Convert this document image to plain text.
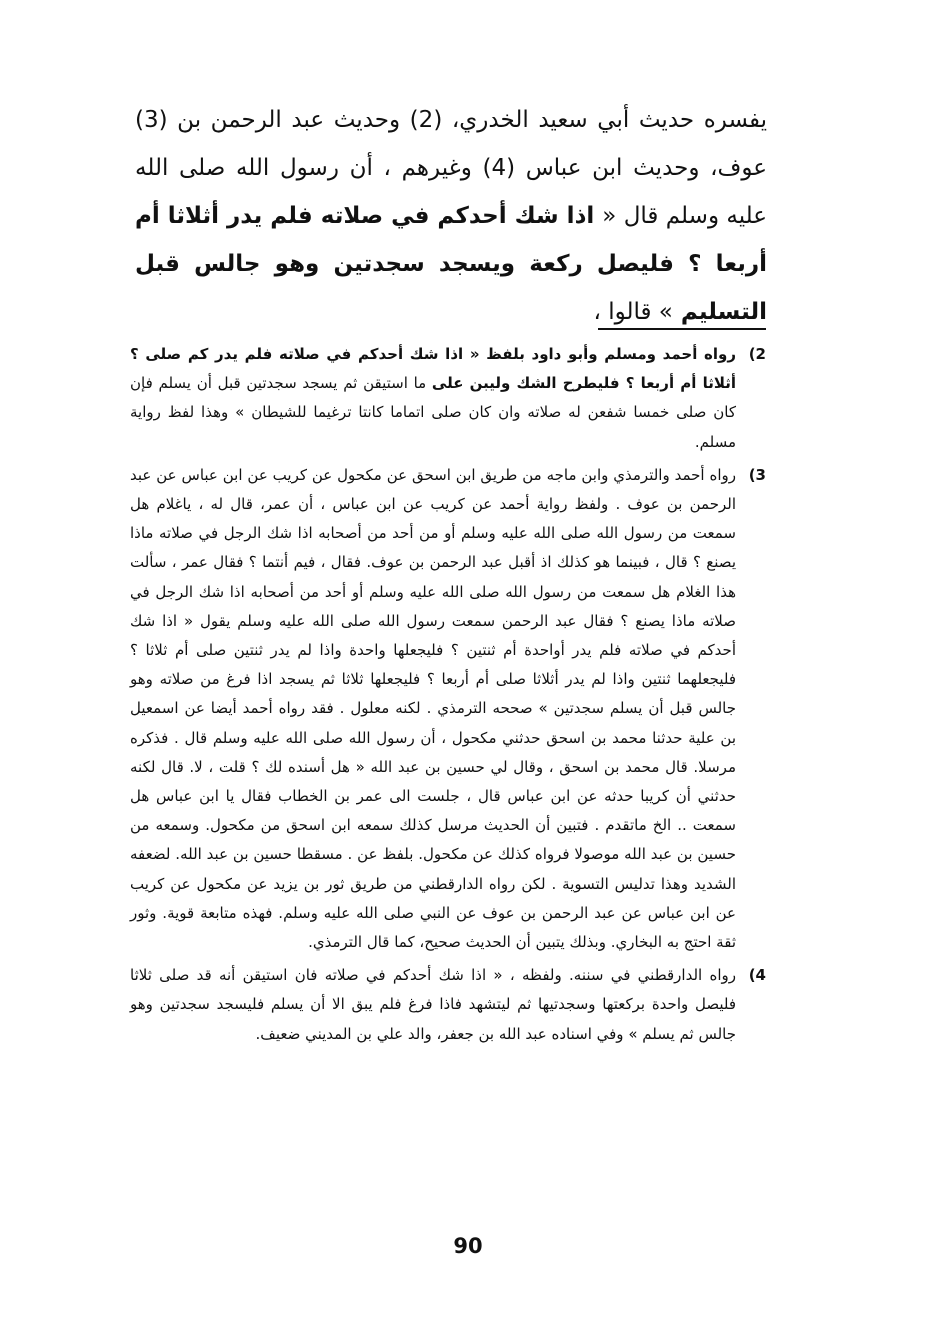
يفسره حديث أبي سعيد الخدري، (2) وحديث عبد الرحمن بن (3) عوف، وحديث ابن عباس (4) وغيرهم ، أن رسول الله صلى الله عليه وسلم قال « اذا شك أحدكم في صلاته فلم يدر أثلاثا أم أربعا ؟ فليصل ركعة ويسجد سجدتين وهو جالس قبل التسليم » قالوا ،

(2
رواه أحمد ومسلم وأبو داود بلفظ « اذا شك أحدكم في صلاته فلم يدر كم صلى ؟ أثلاثا أم أربعا ؟ فليطرح الشك وليبن على ما استيقن ثم يسجد سجدتين قبل أن يسلم فإن كان صلى خمسا شفعن له صلاته وان كان صلى اتماما كانتا ترغيما للشيطان » وهذا لفظ رواية مسلم.
(3
رواه أحمد والترمذي وابن ماجه من طريق ابن اسحق عن مكحول عن كريب عن ابن عباس عن عبد الرحمن بن عوف . ولفظ رواية أحمد عن كريب عن ابن عباس ، أن عمر، قال له ، ياغلام هل سمعت من رسول الله صلى الله عليه وسلم أو من أحد من أصحابه اذا شك الرجل في صلاته ماذا يصنع ؟ قال ، فبينما هو كذلك اذ أقبل عبد الرحمن بن عوف. فقال ، فيم أنتما ؟ فقال عمر ، سألت هذا الغلام هل سمعت من رسول الله صلى الله عليه وسلم أو أحد من أصحابه اذا شك الرجل في صلاته ماذا يصنع ؟ فقال عبد الرحمن سمعت رسول الله صلى الله عليه وسلم يقول « اذا شك أحدكم في صلاته فلم يدر أواحدة أم ثنتين ؟ فليجعلها واحدة واذا لم يدر ثنتين صلى أم ثلاثا ؟ فليجعلهما ثنتين واذا لم يدر أثلاثا صلى أم أربعا ؟ فليجعلها ثلاثا ثم يسجد اذا فرغ من صلاته وهو جالس قبل أن يسلم سجدتين » صححه الترمذي . لكنه معلول . فقد رواه أحمد أيضا عن اسمعيل بن علية حدثنا محمد بن اسحق حدثني مكحول ، أن رسول الله صلى الله عليه وسلم قال . فذكره مرسلا. قال محمد بن اسحق ، وقال لي حسين بن عبد الله « هل أسنده لك ؟ قلت ، لا. قال لكنه حدثني أن كريبا حدثه عن ابن عباس قال ، جلست الى عمر بن الخطاب فقال يا ابن عباس هل سمعت .. الخ ماتقدم . فتبين أن الحديث مرسل كذلك سمعه ابن اسحق من مكحول. وسمعه من حسين بن عبد الله موصولا فرواه كذلك عن مكحول. بلفظ عن . مسقطا حسين بن عبد الله. لضعفه الشديد وهذا تدليس التسوية . لكن رواه الدارقطني من طريق ثور بن يزيد عن مكحول عن كريب عن ابن عباس عن عبد الرحمن بن عوف عن النبي صلى الله عليه وسلم. فهذه متابعة قوية. وثور ثقة احتج به البخاري. وبذلك يتبين أن الحديث صحيح، كما قال الترمذي.
(4
رواه الدارقطني في سننه. ولفظه ، « اذا شك أحدكم في صلاته فان استيقن أنه قد صلى ثلاثا فليصل واحدة بركعتها وسجدتيها ثم ليتشهد فاذا فرغ فلم يبق الا أن يسلم فليسجد سجدتين وهو جالس ثم يسلم » وفي اسناده عبد الله بن جعفر، والد علي بن المديني ضعيف.
90
